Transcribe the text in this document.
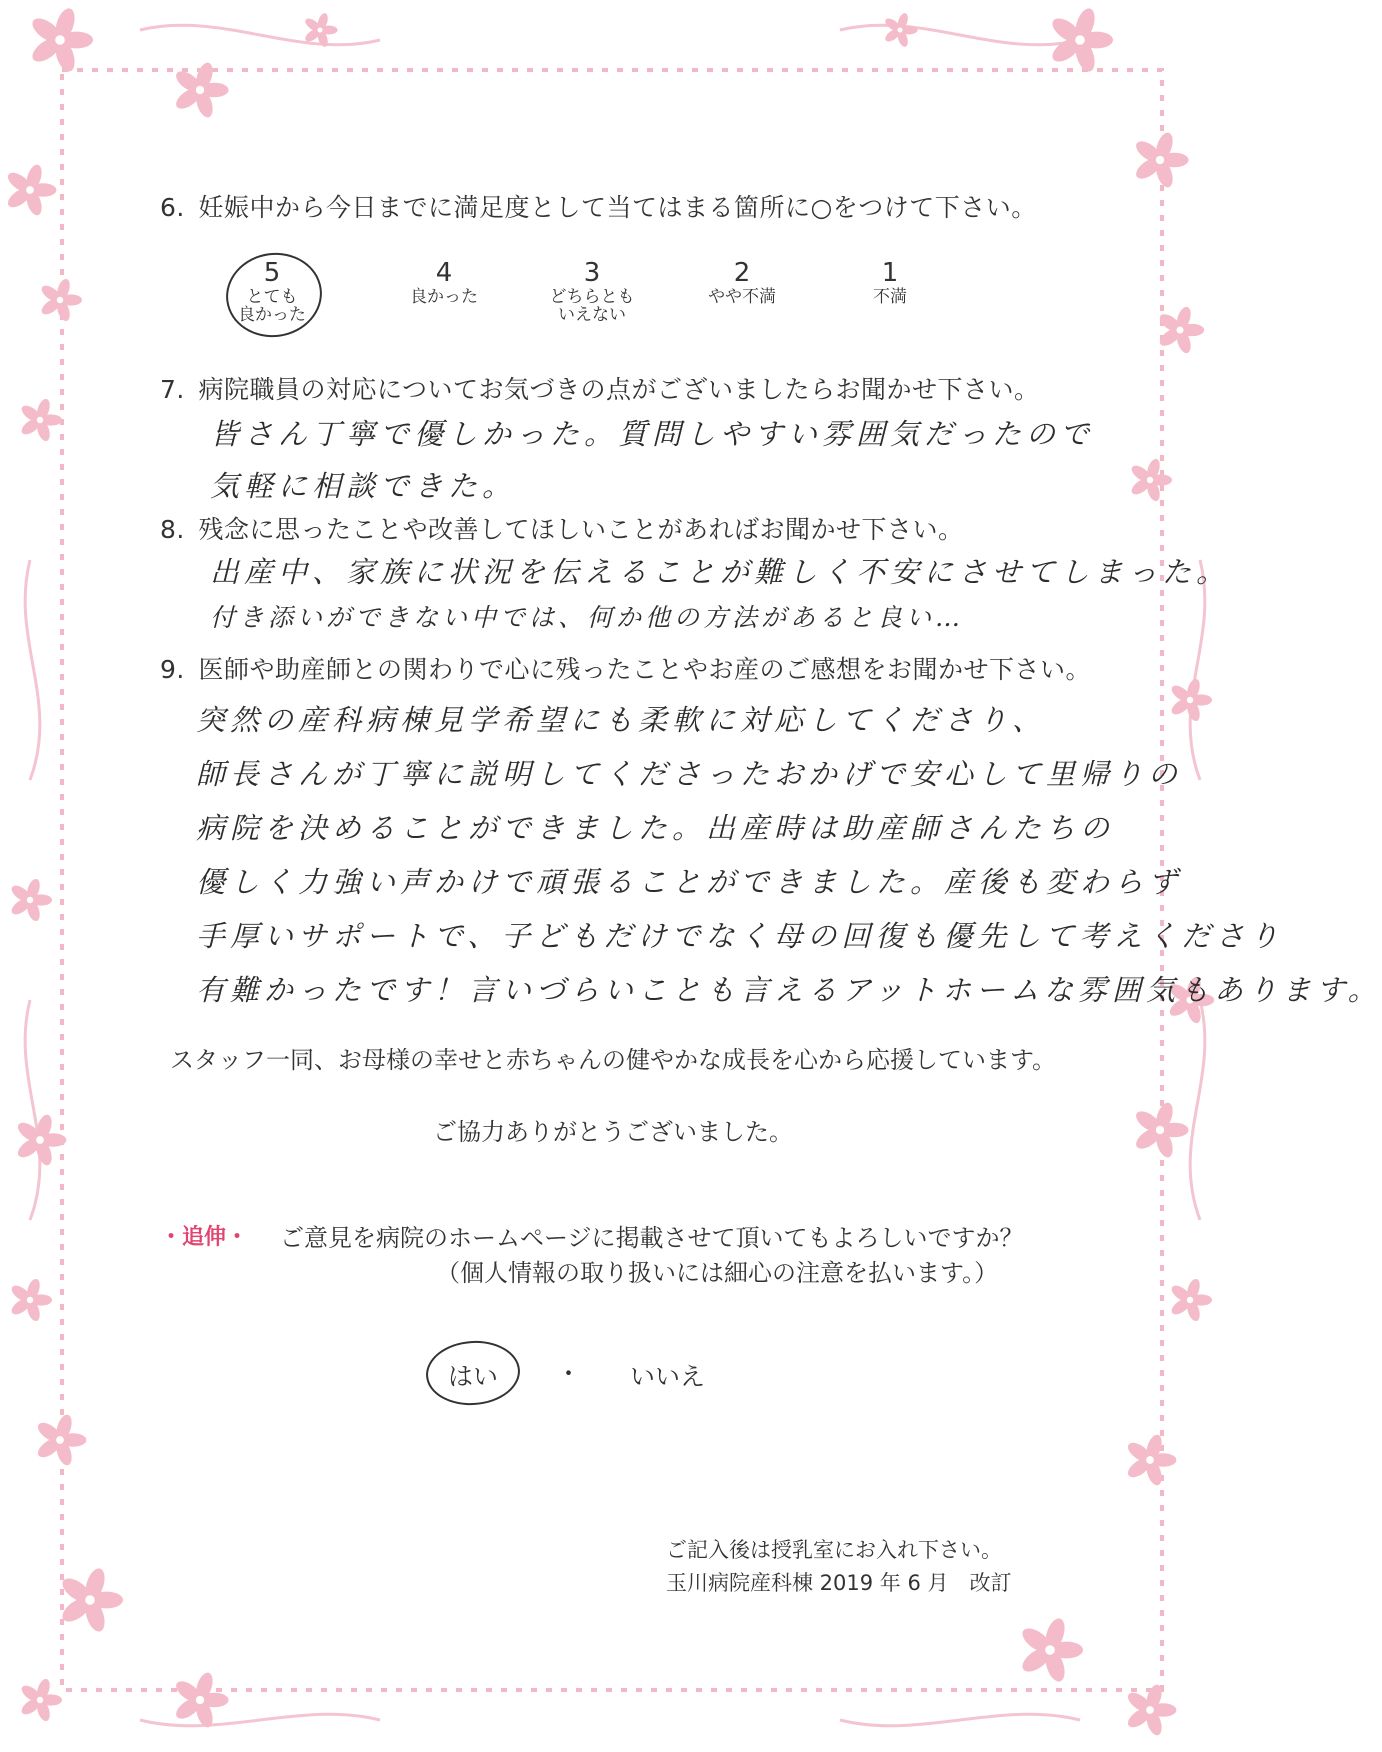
6. 妊娠中から今日までに満足度として当てはまる箇所に○をつけて下さい。
5
とても
良かった
4
良かった
3
どちらとも
いえない
2
やや不満
1
不満
7. 病院職員の対応についてお気づきの点がございましたらお聞かせ下さい。
皆さん丁寧で優しかった。質問しやすい雰囲気だったので
気軽に相談できた。
8. 残念に思ったことや改善してほしいことがあればお聞かせ下さい。
出産中、家族に状況を伝えることが難しく不安にさせてしまった。
付き添いができない中では、何か他の方法があると良い…
9. 医師や助産師との関わりで心に残ったことやお産のご感想をお聞かせ下さい。
突然の産科病棟見学希望にも柔軟に対応してくださり、
師長さんが丁寧に説明してくださったおかげで安心して里帰りの
病院を決めることができました。出産時は助産師さんたちの
優しく力強い声かけで頑張ることができました。産後も変わらず
手厚いサポートで、子どもだけでなく母の回復も優先して考えくださり
有難かったです！言いづらいことも言えるアットホームな雰囲気もあります。
スタッフ一同、お母様の幸せと赤ちゃんの健やかな成長を心から応援しています。
ご協力ありがとうございました。
・追伸・ ご意見を病院のホームページに掲載させて頂いてもよろしいですか？
（個人情報の取り扱いには細心の注意を払います。）
はい ・ いいえ
ご記入後は授乳室にお入れ下さい。
玉川病院産科棟 2019 年 6 月　改訂
